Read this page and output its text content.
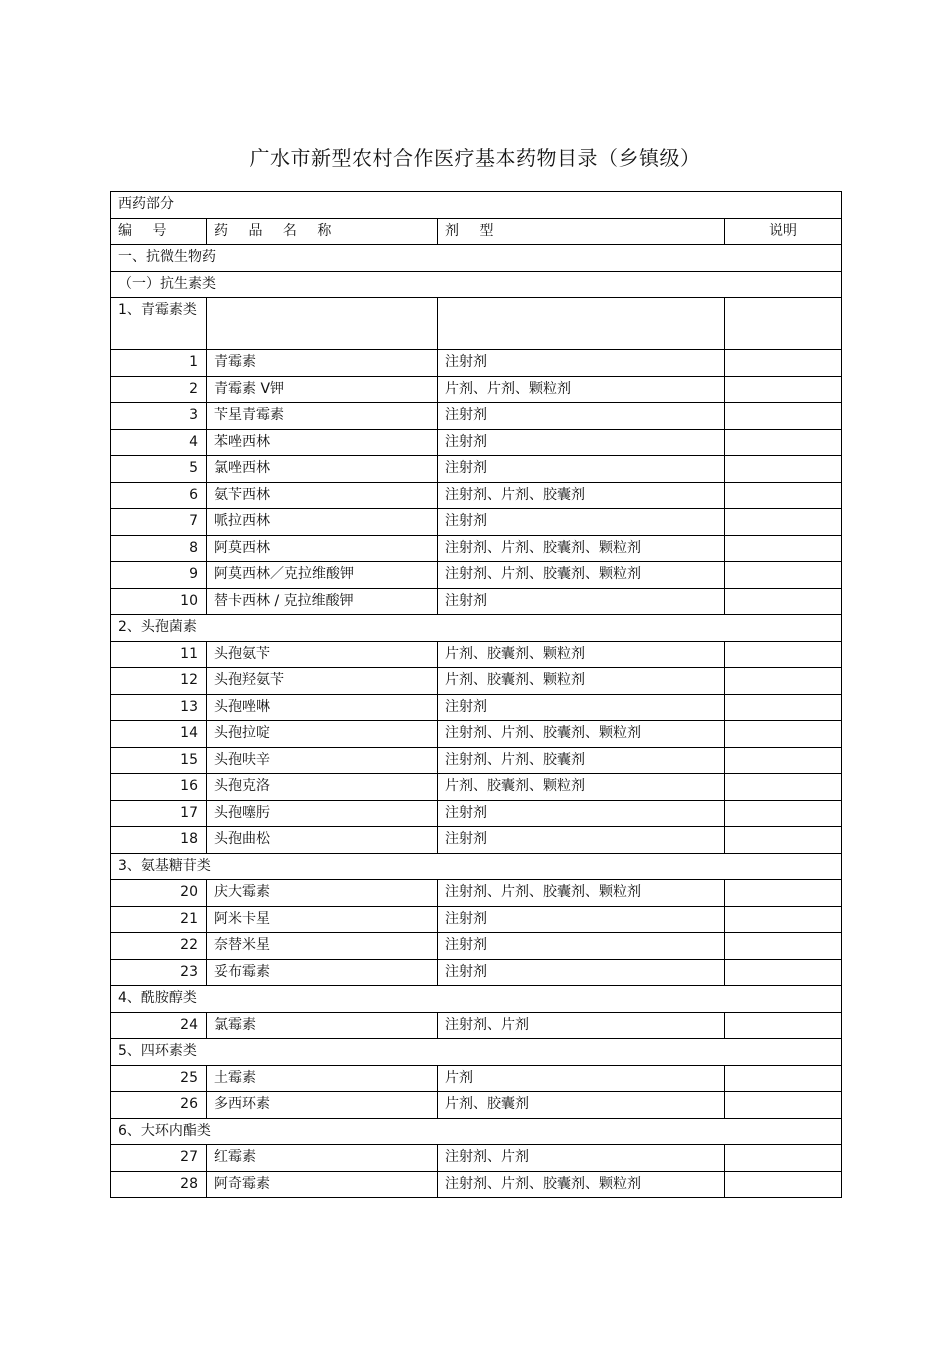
广水市新型农村合作医疗基本药物目录（乡镇级）
西药部分			
编 号	药 品 名 称	剂 型	说明
一、抗微生物药			
（一）抗生素类			
1、青霉素类			
1	青霉素	注射剂	
2	青霉素 V钾	片剂、片剂、颗粒剂	
3	苄星青霉素	注射剂	
4	苯唑西林	注射剂	
5	氯唑西林	注射剂	
6	氨苄西林	注射剂、片剂、胶囊剂	
7	哌拉西林	注射剂	
8	阿莫西林	注射剂、片剂、胶囊剂、颗粒剂	
9	阿莫西林／克拉维酸钾	注射剂、片剂、胶囊剂、颗粒剂	
10	替卡西林 / 克拉维酸钾	注射剂	
2、头孢菌素			
11	头孢氨苄	片剂、胶囊剂、颗粒剂	
12	头孢羟氨苄	片剂、胶囊剂、颗粒剂	
13	头孢唑啉	注射剂	
14	头孢拉啶	注射剂、片剂、胶囊剂、颗粒剂	
15	头孢呋辛	注射剂、片剂、胶囊剂	
16	头孢克洛	片剂、胶囊剂、颗粒剂	
17	头孢噻肟	注射剂	
18	头孢曲松	注射剂	
3、氨基糖苷类			
20	庆大霉素	注射剂、片剂、胶囊剂、颗粒剂	
21	阿米卡星	注射剂	
22	奈替米星	注射剂	
23	妥布霉素	注射剂	
4、酰胺醇类			
24	氯霉素	注射剂、片剂	
5、四环素类			
25	土霉素	片剂	
26	多西环素	片剂、胶囊剂	
6、大环内酯类			
27	红霉素	注射剂、片剂	
28	阿奇霉素	注射剂、片剂、胶囊剂、颗粒剂	
